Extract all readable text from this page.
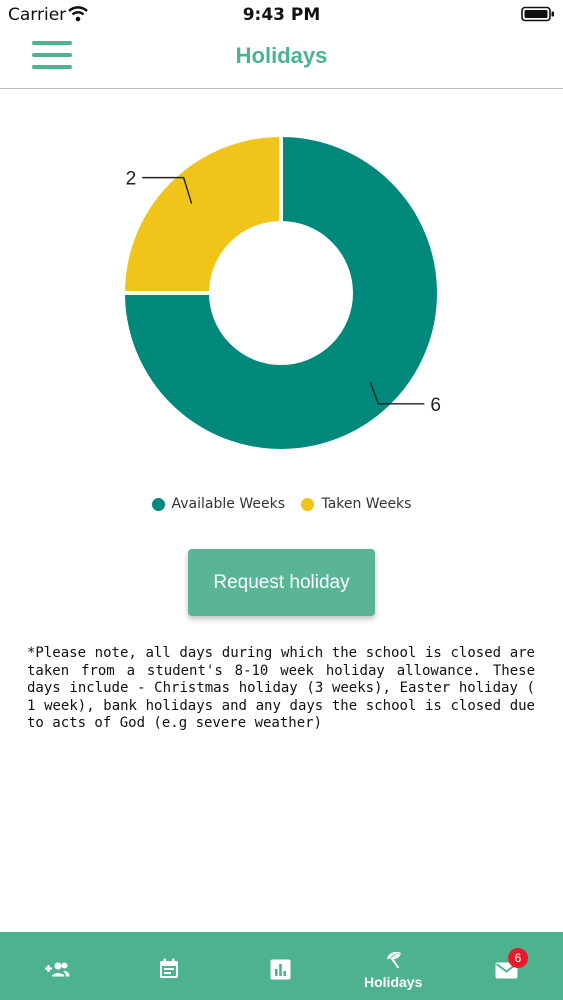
Carrier	9:43 PM
Holidays
6
2
Available Weeks
	Taken Weeks
Request holiday
*Please note, all days during which the school is closed are taken from a student's 8-10 week holiday allowance. These days include - Christmas holiday (3 weeks), Easter holiday ( 1 week), bank holidays and any days the school is closed due to acts of God (e.g severe weather)
Holidays
6
